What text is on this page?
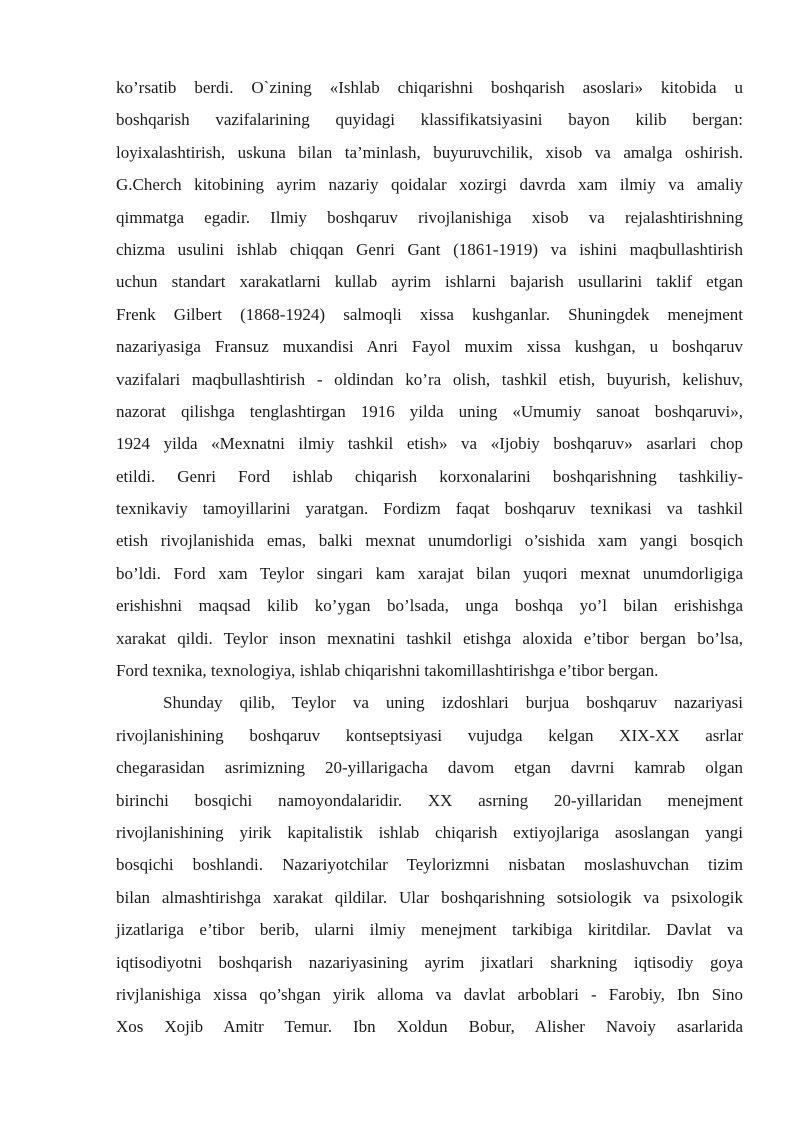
ko’rsatib berdi. O`zining «Ishlab chiqarishni boshqarish asoslari» kitobida u
boshqarish vazifalarining quyidagi klassifikatsiyasini bayon kilib bergan:
loyixalashtirish, uskuna bilan ta’minlash, buyuruvchilik, xisob va amalga oshirish.
G.Cherch kitobining ayrim nazariy qoidalar xozirgi davrda xam ilmiy va amaliy
qimmatga egadir. Ilmiy boshqaruv rivojlanishiga xisob va rejalashtirishning
chizma usulini ishlab chiqqan Genri Gant (1861-1919) va ishini maqbullashtirish
uchun standart xarakatlarni kullab ayrim ishlarni bajarish usullarini taklif etgan
Frenk Gilbert (1868-1924) salmoqli xissa kushganlar. Shuningdek menejment
nazariyasiga Fransuz muxandisi Anri Fayol muxim xissa kushgan, u boshqaruv
vazifalari maqbullashtirish - oldindan ko’ra olish, tashkil etish, buyurish, kelishuv,
nazorat qilishga tenglashtirgan 1916 yilda uning «Umumiy sanoat boshqaruvi»,
1924 yilda «Mexnatni ilmiy tashkil etish» va «Ijobiy boshqaruv» asarlari chop
etildi. Genri Ford ishlab chiqarish korxonalarini boshqarishning tashkiliy-
texnikaviy tamoyillarini yaratgan. Fordizm faqat boshqaruv texnikasi va tashkil
etish rivojlanishida emas, balki mexnat unumdorligi o’sishida xam yangi bosqich
bo’ldi. Ford xam Teylor singari kam xarajat bilan yuqori mexnat unumdorligiga
erishishni maqsad kilib ko’ygan bo’lsada, unga boshqa yo’l bilan erishishga
xarakat qildi. Teylor inson mexnatini tashkil etishga aloxida e’tibor bergan bo’lsa,
Ford texnika, texnologiya, ishlab chiqarishni takomillashtirishga e’tibor bergan.
Shunday qilib, Teylor va uning izdoshlari burjua boshqaruv nazariyasi
rivojlanishining boshqaruv kontseptsiyasi vujudga kelgan XIX-XX asrlar
chegarasidan asrimizning 20-yillarigacha davom etgan davrni kamrab olgan
birinchi bosqichi namoyondalaridir. XX asrning 20-yillaridan menejment
rivojlanishining yirik kapitalistik ishlab chiqarish extiyojlariga asoslangan yangi
bosqichi boshlandi. Nazariyotchilar Teylorizmni nisbatan moslashuvchan tizim
bilan almashtirishga xarakat qildilar. Ular boshqarishning sotsiologik va psixologik
jizatlariga e’tibor berib, ularni ilmiy menejment tarkibiga kiritdilar. Davlat va
iqtisodiyotni boshqarish nazariyasining ayrim jixatlari sharkning iqtisodiy goya
rivjlanishiga xissa qo’shgan yirik alloma va davlat arboblari - Farobiy, Ibn Sino
Xos Xojib Amitr Temur. Ibn Xoldun Bobur, Alisher Navoiy asarlarida
